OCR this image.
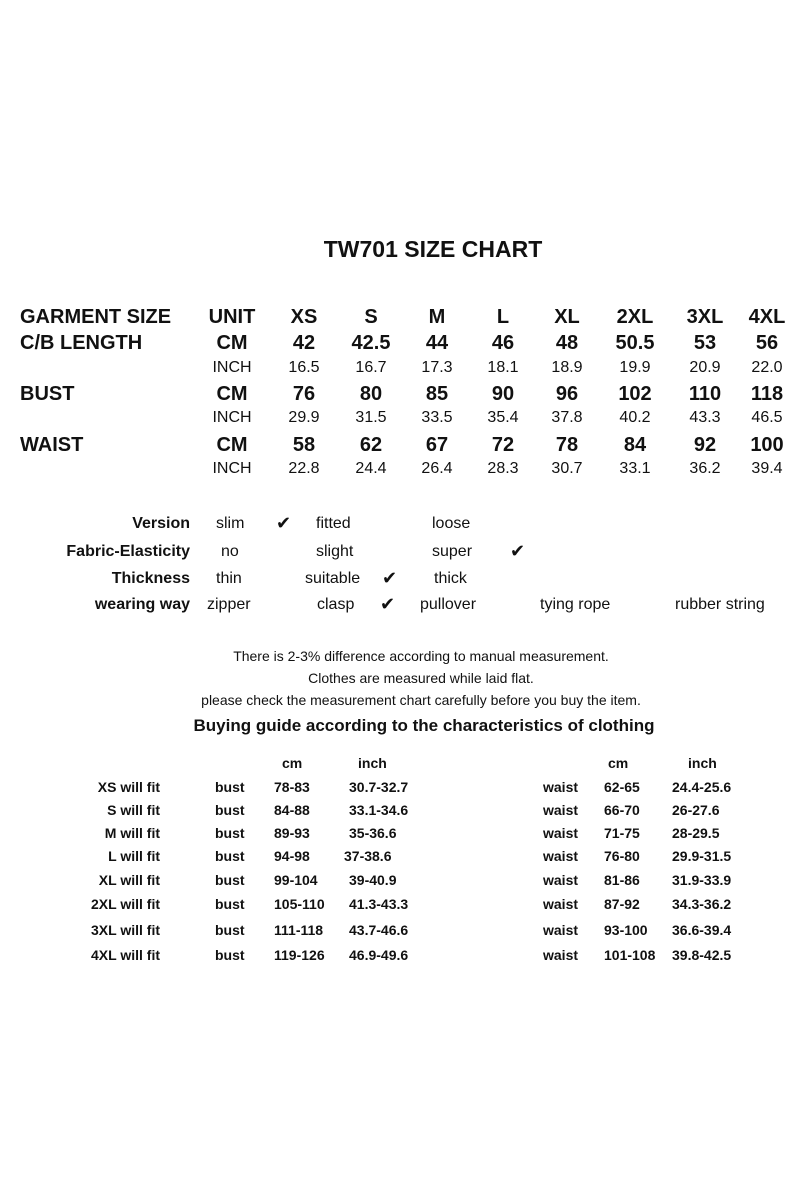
TW701 SIZE CHART
GARMENT SIZE	UNIT	XS	S	M	L	XL	2XL	3XL	4XL
C/B LENGTH	CM	42	42.5	44	46	48	50.5	53	56
INCH	16.5	16.7	17.3	18.1	18.9	19.9	20.9	22.0
BUST	CM	76	80	85	90	96	102	110	118
INCH	29.9	31.5	33.5	35.4	37.8	40.2	43.3	46.5
WAIST	CM	58	62	67	72	78	84	92	100
INCH	22.8	24.4	26.4	28.3	30.7	33.1	36.2	39.4
Version slim ✔ fitted	loose
Fabric-Elasticity no	slight	super ✔
Thickness thin	suitable ✔ thick
wearing way zipper	clasp ✔ pullover	tying rope	rubber string
There is 2-3% difference according to manual measurement.
Clothes are measured while laid flat.
please check the measurement chart carefully before you buy the item.
Buying guide according to the characteristics of clothing
cm	inch	cm	inch
XS will fit	bust 78-83	30.7-32.7	waist 62-65 24.4-25.6
S will fit	bust 84-88	33.1-34.6	waist 66-70 26-27.6
M will fit	bust 89-93	35-36.6	waist 71-75 28-29.5
L will fit	bust 94-98 37-38.6	waist 76-80 29.9-31.5
XL will fit	bust 99-104 39-40.9	waist 81-86 31.9-33.9
2XL will fit	bust 105-110 41.3-43.3	waist 87-92 34.3-36.2
3XL will fit	bust 111-118 43.7-46.6	waist 93-100 36.6-39.4
4XL will fit	bust 119-126 46.9-49.6	waist 101-108 39.8-42.5
